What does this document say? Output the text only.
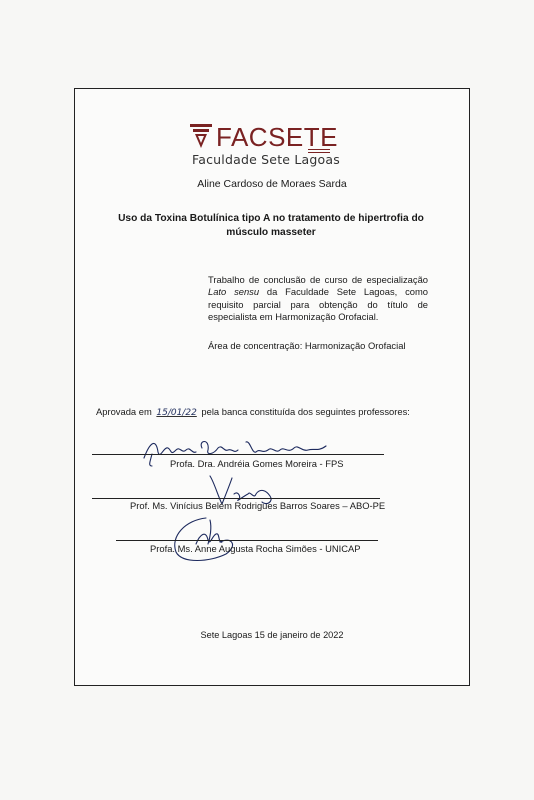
FACSETE
Faculdade Sete Lagoas
Aline Cardoso de Moraes Sarda
Uso da Toxina Botulínica tipo A no tratamento de hipertrofia do músculo masseter
Trabalho de conclusão de curso de especialização Lato sensu da Faculdade Sete Lagoas, como requisito parcial para obtenção do título de especialista em Harmonização Orofacial.
Área de concentração: Harmonização Orofacial
Aprovada em 15/01/22 pela banca constituída dos seguintes professores:
Profa. Dra. Andréia Gomes Moreira - FPS
Prof. Ms. Vinícius Belém Rodrigues Barros Soares – ABO-PE
Profa. Ms. Anne Augusta Rocha Simões - UNICAP
Sete Lagoas 15 de janeiro de 2022
